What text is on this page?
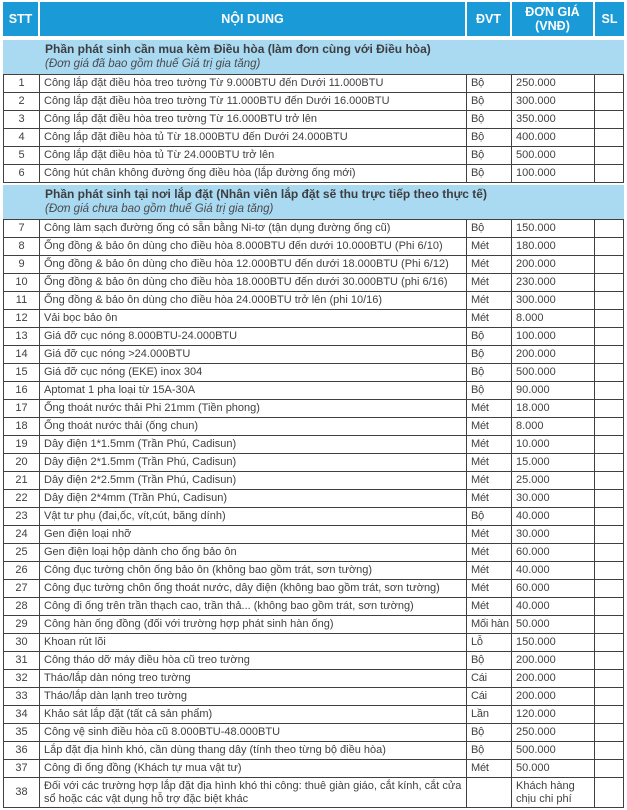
STT	NỘI DUNG	ĐVT	ĐƠN GIÁ (VNĐ)	SL

Phần phát sinh cần mua kèm Điều hòa (làm đơn cùng với Điều hòa)
(Đơn giá đã bao gồm thuế Giá trị gia tăng)				

1	Công lắp đặt điều hòa treo tường Từ 9.000BTU đến Dưới 11.000BTU	Bộ	250.000	
2	Công lắp đặt điều hòa treo tường Từ 11.000BTU đến Dưới 16.000BTU	Bộ	300.000	
3	Công lắp đặt điều hòa treo tường Từ 16.000BTU trở lên	Bộ	350.000	
4	Công lắp đặt điều hòa tủ Từ 18.000BTU đến Dưới 24.000BTU	Bộ	400.000	
5	Công lắp đặt điều hòa tủ Từ 24.000BTU trở lên	Bộ	500.000	
6	Công hút chân không đường ống điều hòa (lắp đường ống mới)	Bộ	100.000	

Phần phát sinh tại nơi lắp đặt (Nhân viên lắp đặt sẽ thu trực tiếp theo thực tế)
(Đơn giá chưa bao gồm thuế Giá trị gia tăng)				

7	Công làm sạch đường ống có sẵn bằng Ni-tơ (tận dụng đường ống cũ)	Bộ	150.000	
8	Ống đồng & bảo ôn dùng cho điều hòa 8.000BTU đến dưới 10.000BTU (Phi 6/10)	Mét	180.000	
9	Ống đồng & bảo ôn dùng cho điều hòa 12.000BTU đến dưới 18.000BTU (Phi 6/12)	Mét	200.000	
10	Ống đồng & bảo ôn dùng cho điều hòa 18.000BTU đến dưới 30.000BTU (phi 6/16)	Mét	230.000	
11	Ống đồng & bảo ôn dùng cho điều hòa 24.000BTU trở lên (phi 10/16)	Mét	300.000	
12	Vải bọc bảo ôn	Mét	8.000	
13	Giá đỡ cục nóng 8.000BTU-24.000BTU	Bộ	100.000	
14	Giá đỡ cục nóng >24.000BTU	Bộ	200.000	
15	Giá đỡ cục nóng (EKE) inox 304	Bộ	500.000	
16	Aptomat 1 pha loại từ 15A-30A	Bộ	90.000	
17	Ống thoát nước thải Phi 21mm (Tiền phong)	Mét	18.000	
18	Ống thoát nước thải (ống chun)	Mét	8.000	
19	Dây điện 1*1.5mm (Trần Phú, Cadisun)	Mét	10.000	
20	Dây điện 2*1.5mm (Trần Phú, Cadisun)	Mét	15.000	
21	Dây điện 2*2.5mm (Trần Phú, Cadisun)	Mét	25.000	
22	Dây điện 2*4mm (Trần Phú, Cadisun)	Mét	30.000	
23	Vật tư phụ (đai,ốc, vít,cút, băng dính)	Bộ	40.000	
24	Gen điện loại nhỡ	Mét	30.000	
25	Gen điện loại hộp dành cho ống bảo ôn	Mét	60.000	
26	Công đục tường chôn ống bảo ôn (không bao gồm trát, sơn tường)	Mét	40.000	
27	Công đục tường chôn ống thoát nước, dây điện (không bao gồm trát, sơn tường)	Mét	60.000	
28	Công đi ống trên trần thạch cao, trần thả... (không bao gồm trát, sơn tường)	Mét	40.000	
29	Công hàn ống đồng (đối với trường hợp phát sinh hàn ống)	Mối hàn	50.000	
30	Khoan rút lõi	Lỗ	150.000	
31	Công tháo dỡ máy điều hòa cũ treo tường	Bộ	200.000	
32	Tháo/lắp dàn nóng treo tường	Cái	200.000	
33	Tháo/lắp dàn lạnh treo tường	Cái	200.000	
34	Khảo sát lắp đặt (tất cả sản phẩm)	Lần	120.000	
35	Công vệ sinh điều hòa cũ 8.000BTU-48.000BTU	Bộ	250.000	
36	Lắp đặt địa hình khó, cần dùng thang dây (tính theo từng bộ điều hòa)	Bộ	500.000	
37	Công đi ống đồng (Khách tự mua vật tư)	Mét	50.000	
38	Đối với các trường hợp lắp đặt địa hình khó thi công: thuê giàn giáo, cắt kính, cắt cửa sổ hoặc các vật dụng hỗ trợ đặc biệt khác		Khách hàng chịu chi phí	
